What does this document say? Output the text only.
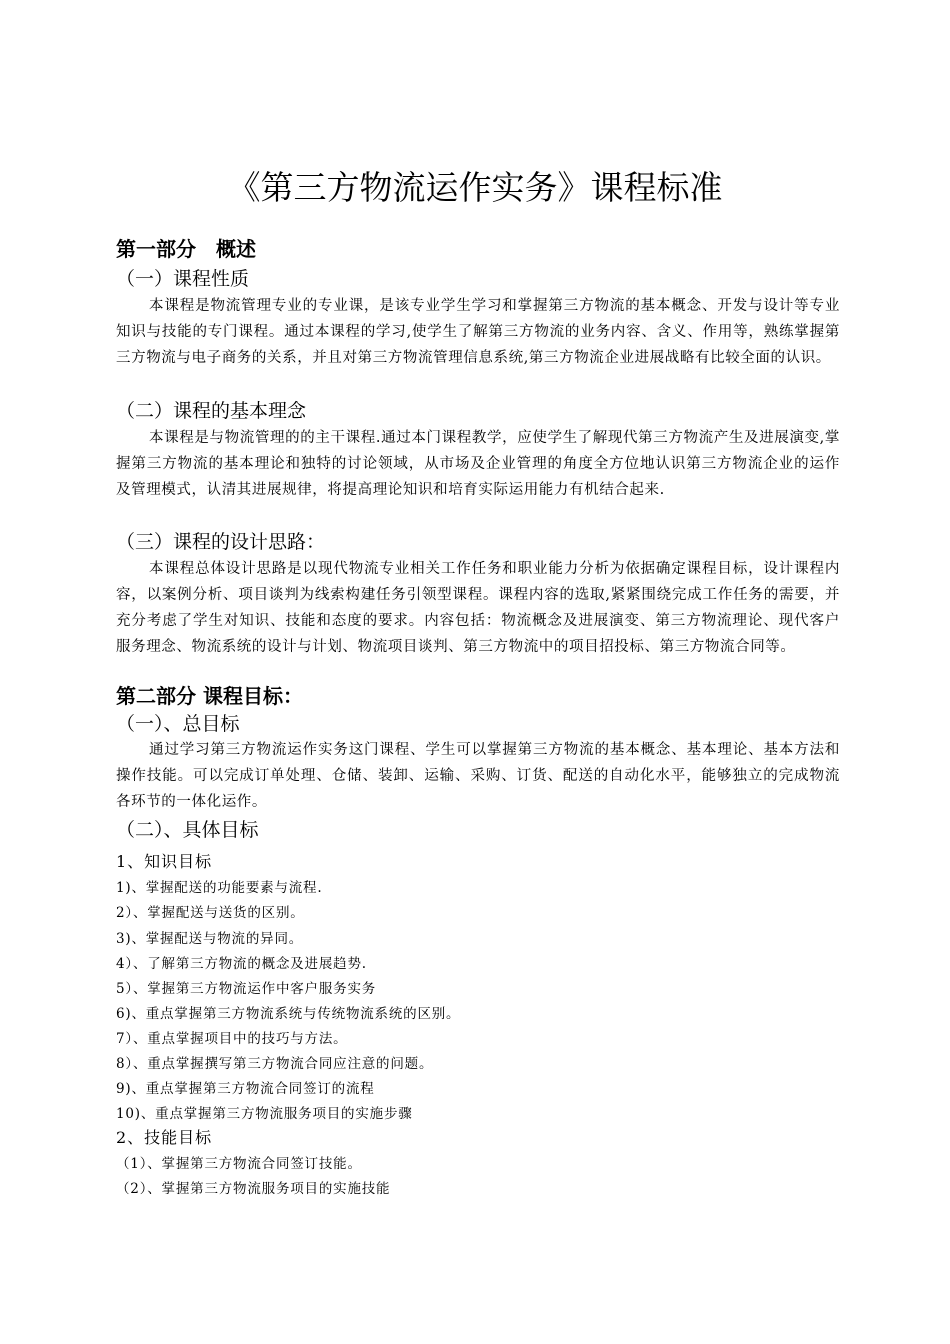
《第三方物流运作实务》课程标准
第一部分　概述
（一）课程性质
本课程是物流管理专业的专业课，是该专业学生学习和掌握第三方物流的基本概念、开发与设计等专业知识与技能的专门课程。通过本课程的学习,使学生了解第三方物流的业务内容、含义、作用等，熟练掌握第三方物流与电子商务的关系，并且对第三方物流管理信息系统,第三方物流企业进展战略有比较全面的认识。
（二）课程的基本理念
本课程是与物流管理的的主干课程.通过本门课程教学，应使学生了解现代第三方物流产生及进展演变,掌握第三方物流的基本理论和独特的讨论领域，从市场及企业管理的角度全方位地认识第三方物流企业的运作及管理模式，认清其进展规律，将提高理论知识和培育实际运用能力有机结合起来.
（三）课程的设计思路：
本课程总体设计思路是以现代物流专业相关工作任务和职业能力分析为依据确定课程目标，设计课程内容，以案例分析、项目谈判为线索构建任务引领型课程。课程内容的选取,紧紧围绕完成工作任务的需要，并充分考虑了学生对知识、技能和态度的要求。内容包括：物流概念及进展演变、第三方物流理论、现代客户服务理念、物流系统的设计与计划、物流项目谈判、第三方物流中的项目招投标、第三方物流合同等。
第二部分 课程目标：
（一）、总目标
通过学习第三方物流运作实务这门课程、学生可以掌握第三方物流的基本概念、基本理论、基本方法和操作技能。可以完成订单处理、仓储、装卸、运输、采购、订货、配送的自动化水平，能够独立的完成物流各环节的一体化运作。
（二）、具体目标
1、知识目标
1)、掌握配送的功能要素与流程.
2）、掌握配送与送货的区别。
3)、掌握配送与物流的异同。
4）、了解第三方物流的概念及进展趋势.
5）、掌握第三方物流运作中客户服务实务
6)、重点掌握第三方物流系统与传统物流系统的区别。
7）、重点掌握项目中的技巧与方法。
8）、重点掌握撰写第三方物流合同应注意的问题。
9)、重点掌握第三方物流合同签订的流程
10)、重点掌握第三方物流服务项目的实施步骤
2、技能目标
（1）、掌握第三方物流合同签订技能。
（2）、掌握第三方物流服务项目的实施技能
